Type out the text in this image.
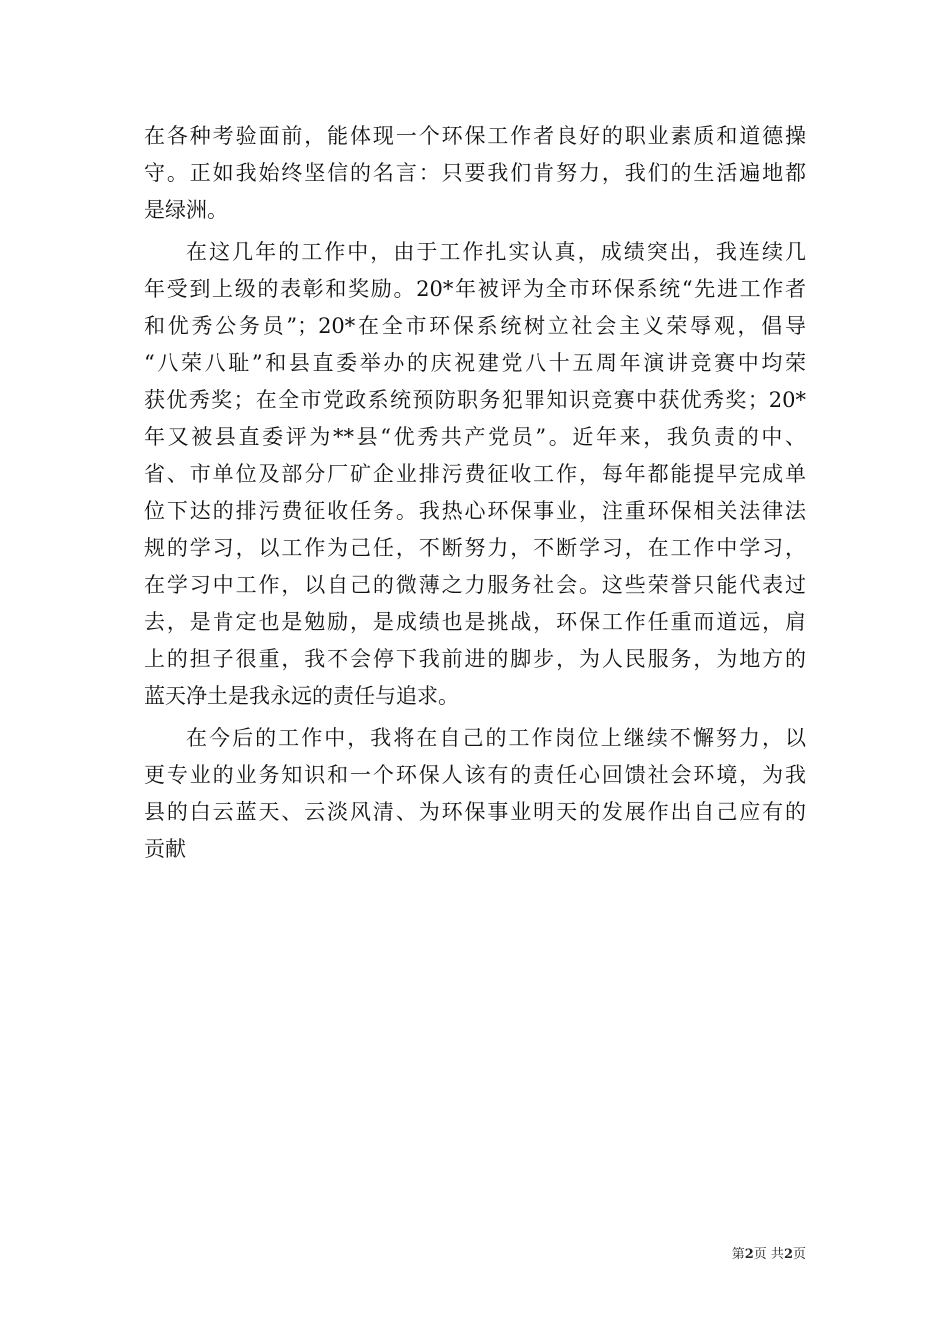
在各种考验面前，能体现一个环保工作者良好的职业素质和道德操
守。正如我始终坚信的名言：只要我们肯努力，我们的生活遍地都
是绿洲。
在这几年的工作中，由于工作扎实认真，成绩突出，我连续几
年受到上级的表彰和奖励。20*年被评为全市环保系统“先进工作者
和优秀公务员”；20*在全市环保系统树立社会主义荣辱观，倡导
“八荣八耻”和县直委举办的庆祝建党八十五周年演讲竞赛中均荣
获优秀奖；在全市党政系统预防职务犯罪知识竞赛中获优秀奖；20*
年又被县直委评为**县“优秀共产党员”。近年来，我负责的中、
省、市单位及部分厂矿企业排污费征收工作，每年都能提早完成单
位下达的排污费征收任务。我热心环保事业，注重环保相关法律法
规的学习，以工作为己任，不断努力，不断学习，在工作中学习，
在学习中工作，以自己的微薄之力服务社会。这些荣誉只能代表过
去，是肯定也是勉励，是成绩也是挑战，环保工作任重而道远，肩
上的担子很重，我不会停下我前进的脚步，为人民服务，为地方的
蓝天净土是我永远的责任与追求。
在今后的工作中，我将在自己的工作岗位上继续不懈努力，以
更专业的业务知识和一个环保人该有的责任心回馈社会环境，为我
县的白云蓝天、云淡风清、为环保事业明天的发展作出自己应有的
贡献
第2页 共2页
